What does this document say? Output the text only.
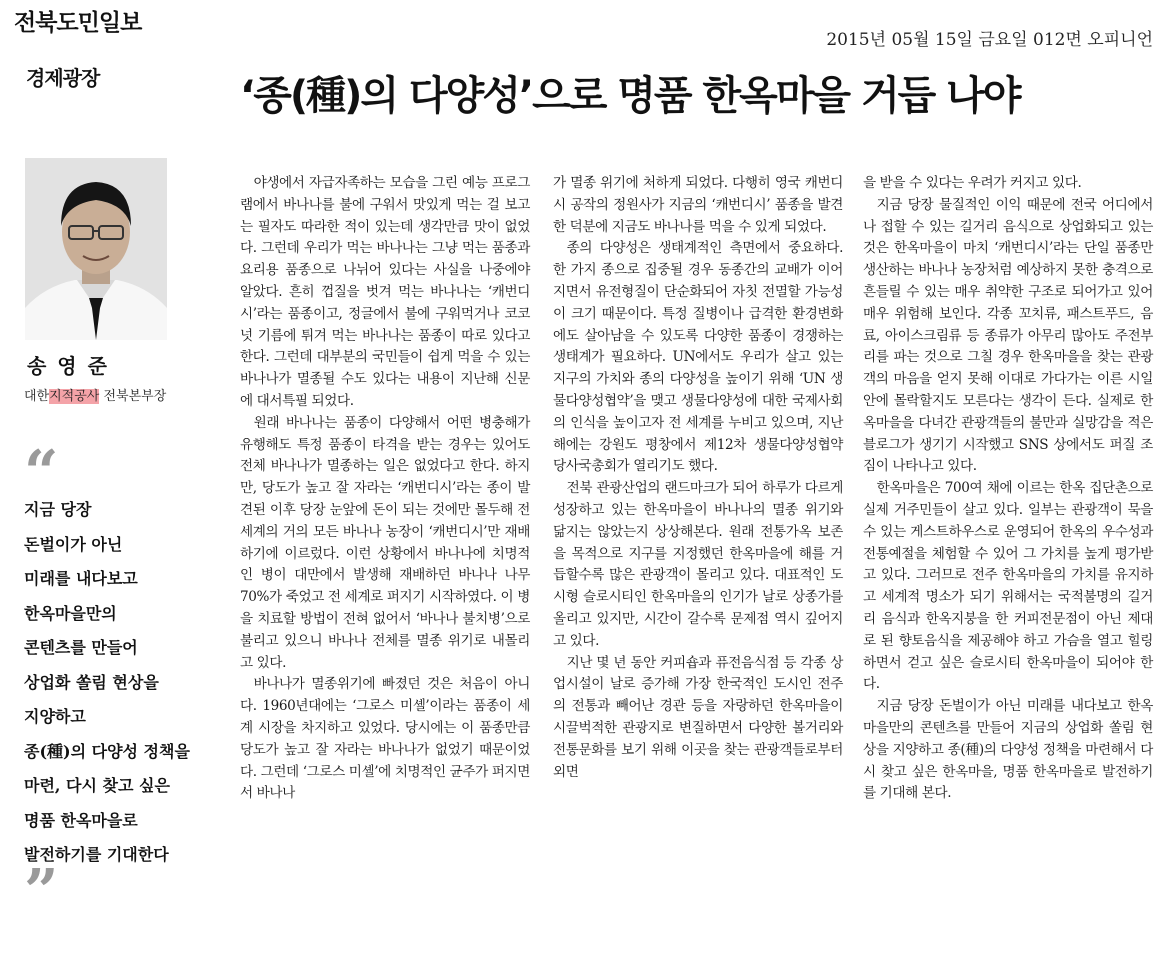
전북도민일보
2015년 05월 15일 금요일 012면 오피니언
경제광장	‘종(種)의 다양성’으로 명품 한옥마을 거듭 나야
송 영 준
대한지적공사 전북본부장
“
지금 당장
돈벌이가 아닌
미래를 내다보고
한옥마을만의
콘텐츠를 만들어
상업화 쏠림 현상을
지양하고
종(種)의 다양성 정책을
마련, 다시 찾고 싶은
명품 한옥마을로
발전하기를 기대한다
”

야생에서 자급자족하는 모습을 그린 예능 프로그램에서 바나나를 불에 구워서 맛있게 먹는 걸 보고는 필자도 따라한 적이 있는데 생각만큼 맛이 없었다. 그런데 우리가 먹는 바나나는 그냥 먹는 품종과 요리용 품종으로 나뉘어 있다는 사실을 나중에야 알았다. 흔히 껍질을 벗겨 먹는 바나나는 ‘캐번디시’라는 품종이고, 정글에서 불에 구워먹거나 코코넛 기름에 튀겨 먹는 바나나는 품종이 따로 있다고 한다. 그런데 대부분의 국민들이 쉽게 먹을 수 있는 바나나가 멸종될 수도 있다는 내용이 지난해 신문에 대서특필 되었다.

원래 바나나는 품종이 다양해서 어떤 병충해가 유행해도 특정 품종이 타격을 받는 경우는 있어도 전체 바나나가 멸종하는 일은 없었다고 한다. 하지만, 당도가 높고 잘 자라는 ‘캐번디시’라는 종이 발견된 이후 당장 눈앞에 돈이 되는 것에만 몰두해 전 세계의 거의 모든 바나나 농장이 ‘캐번디시’만 재배하기에 이르렀다. 이런 상황에서 바나나에 치명적인 병이 대만에서 발생해 재배하던 바나나 나무 70%가 죽었고 전 세계로 퍼지기 시작하였다. 이 병을 치료할 방법이 전혀 없어서 ‘바나나 불치병’으로 불리고 있으니 바나나 전체를 멸종 위기로 내몰리고 있다.

바나나가 멸종위기에 빠졌던 것은 처음이 아니다. 1960년대에는 ‘그로스 미셸’이라는 품종이 세계 시장을 차지하고 있었다. 당시에는 이 품종만큼 당도가 높고 잘 자라는 바나나가 없었기 때문이었다. 그런데 ‘그로스 미셸’에 치명적인 균주가 퍼지면서 바나나

가 멸종 위기에 처하게 되었다. 다행히 영국 캐번디시 공작의 정원사가 지금의 ‘캐번디시’ 품종을 발견한 덕분에 지금도 바나나를 먹을 수 있게 되었다.

종의 다양성은 생태계적인 측면에서 중요하다. 한 가지 종으로 집중될 경우 동종간의 교배가 이어지면서 유전형질이 단순화되어 자칫 전멸할 가능성이 크기 때문이다. 특정 질병이나 급격한 환경변화에도 살아남을 수 있도록 다양한 품종이 경쟁하는 생태계가 필요하다. UN에서도 우리가 살고 있는 지구의 가치와 종의 다양성을 높이기 위해 ‘UN 생물다양성협약’을 맺고 생물다양성에 대한 국제사회의 인식을 높이고자 전 세계를 누비고 있으며, 지난해에는 강원도 평창에서 제12차 생물다양성협약 당사국총회가 열리기도 했다.

전북 관광산업의 랜드마크가 되어 하루가 다르게 성장하고 있는 한옥마을이 바나나의 멸종 위기와 닮지는 않았는지 상상해본다. 원래 전통가옥 보존을 목적으로 지구를 지정했던 한옥마을에 해를 거듭할수록 많은 관광객이 몰리고 있다. 대표적인 도시형 슬로시티인 한옥마을의 인기가 날로 상종가를 올리고 있지만, 시간이 갈수록 문제점 역시 깊어지고 있다.

지난 몇 년 동안 커피숍과 퓨전음식점 등 각종 상업시설이 날로 증가해 가장 한국적인 도시인 전주의 전통과 빼어난 경관 등을 자랑하던 한옥마을이 시끌벅적한 관광지로 변질하면서 다양한 볼거리와 전통문화를 보기 위해 이곳을 찾는 관광객들로부터 외면

을 받을 수 있다는 우려가 커지고 있다.

지금 당장 물질적인 이익 때문에 전국 어디에서나 접할 수 있는 길거리 음식으로 상업화되고 있는 것은 한옥마을이 마치 ‘캐번디시’라는 단일 품종만 생산하는 바나나 농장처럼 예상하지 못한 충격으로 흔들릴 수 있는 매우 취약한 구조로 되어가고 있어 매우 위험해 보인다. 각종 꼬치류, 패스트푸드, 음료, 아이스크림류 등 종류가 아무리 많아도 주전부리를 파는 것으로 그칠 경우 한옥마을을 찾는 관광객의 마음을 얻지 못해 이대로 가다가는 이른 시일 안에 몰락할지도 모른다는 생각이 든다. 실제로 한옥마을을 다녀간 관광객들의 불만과 실망감을 적은 블로그가 생기기 시작했고 SNS 상에서도 퍼질 조짐이 나타나고 있다.

한옥마을은 700여 채에 이르는 한옥 집단촌으로 실제 거주민들이 살고 있다. 일부는 관광객이 묵을 수 있는 게스트하우스로 운영되어 한옥의 우수성과 전통예절을 체험할 수 있어 그 가치를 높게 평가받고 있다. 그러므로 전주 한옥마을의 가치를 유지하고 세계적 명소가 되기 위해서는 국적불명의 길거리 음식과 한옥지붕을 한 커피전문점이 아닌 제대로 된 향토음식을 제공해야 하고 가슴을 열고 힐링하면서 걷고 싶은 슬로시티 한옥마을이 되어야 한다.

지금 당장 돈벌이가 아닌 미래를 내다보고 한옥마을만의 콘텐츠를 만들어 지금의 상업화 쏠림 현상을 지양하고 종(種)의 다양성 정책을 마련해서 다시 찾고 싶은 한옥마을, 명품 한옥마을로 발전하기를 기대해 본다.
